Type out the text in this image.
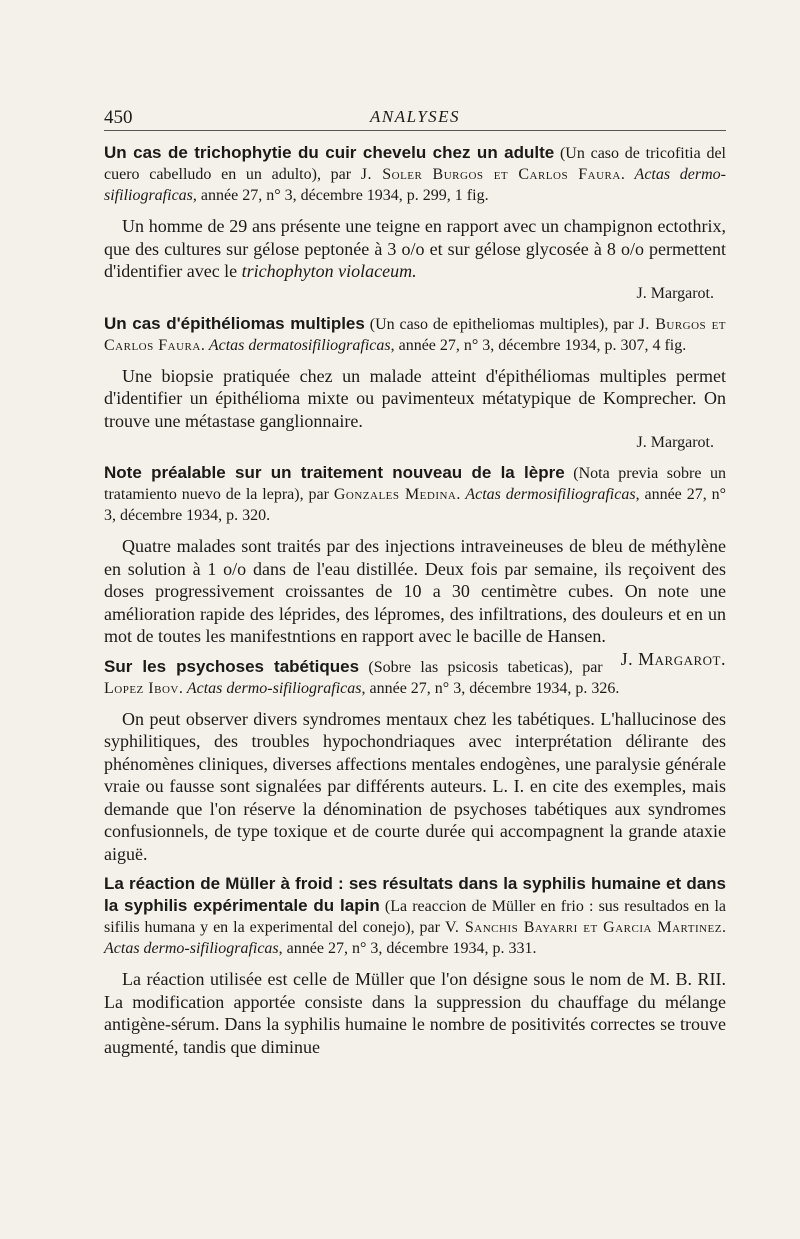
450	ANALYSES

Un cas de trichophytie du cuir chevelu chez un adulte (Un caso de tricofitia del cuero cabelludo en un adulto), par J. Soler Burgos et Carlos Faura. Actas dermo-sifiliograficas, année 27, n° 3, décembre 1934, p. 299, 1 fig.

Un homme de 29 ans présente une teigne en rapport avec un champignon ectothrix, que des cultures sur gélose peptonée à 3 o/o et sur gélose glycosée à 8 o/o permettent d'identifier avec le trichophyton violaceum.

J. Margarot.

Un cas d'épithéliomas multiples (Un caso de epitheliomas multiples), par J. Burgos et Carlos Faura. Actas dermatosifiliograficas, année 27, n° 3, décembre 1934, p. 307, 4 fig.

Une biopsie pratiquée chez un malade atteint d'épithéliomas multiples permet d'identifier un épithélioma mixte ou pavimenteux métatypique de Komprecher. On trouve une métastase ganglionnaire.

J. Margarot.

Note préalable sur un traitement nouveau de la lèpre (Nota previa sobre un tratamiento nuevo de la lepra), par Gonzales Medina. Actas dermosifiliograficas, année 27, n° 3, décembre 1934, p. 320.

Quatre malades sont traités par des injections intraveineuses de bleu de méthylène en solution à 1 o/o dans de l'eau distillée. Deux fois par semaine, ils reçoivent des doses progressivement croissantes de 10 a 30 centimètre cubes. On note une amélioration rapide des léprides, des lépromes, des infiltrations, des douleurs et en un mot de toutes les manifestntions en rapport avec le bacille de Hansen.
J. Margarot.

Sur les psychoses tabétiques (Sobre las psicosis tabeticas), par Lopez Ibov. Actas dermo-sifiliograficas, année 27, n° 3, décembre 1934, p. 326.

On peut observer divers syndromes mentaux chez les tabétiques. L'hallucinose des syphilitiques, des troubles hypochondriaques avec interprétation délirante des phénomènes cliniques, diverses affections mentales endogènes, une paralysie générale vraie ou fausse sont signalées par différents auteurs. L. I. en cite des exemples, mais demande que l'on réserve la dénomination de psychoses tabétiques aux syndromes confusionnels, de type toxique et de courte durée qui accompagnent la grande ataxie aiguë.

La réaction de Müller à froid : ses résultats dans la syphilis humaine et dans la syphilis expérimentale du lapin (La reaccion de Müller en frio : sus resultados en la sifilis humana y en la experimental del conejo), par V. Sanchis Bayarri et Garcia Martinez. Actas dermo-sifiliograficas, année 27, n° 3, décembre 1934, p. 331.

La réaction utilisée est celle de Müller que l'on désigne sous le nom de M. B. RII. La modification apportée consiste dans la suppression du chauffage du mélange antigène-sérum. Dans la syphilis humaine le nombre de positivités correctes se trouve augmenté, tandis que diminue
